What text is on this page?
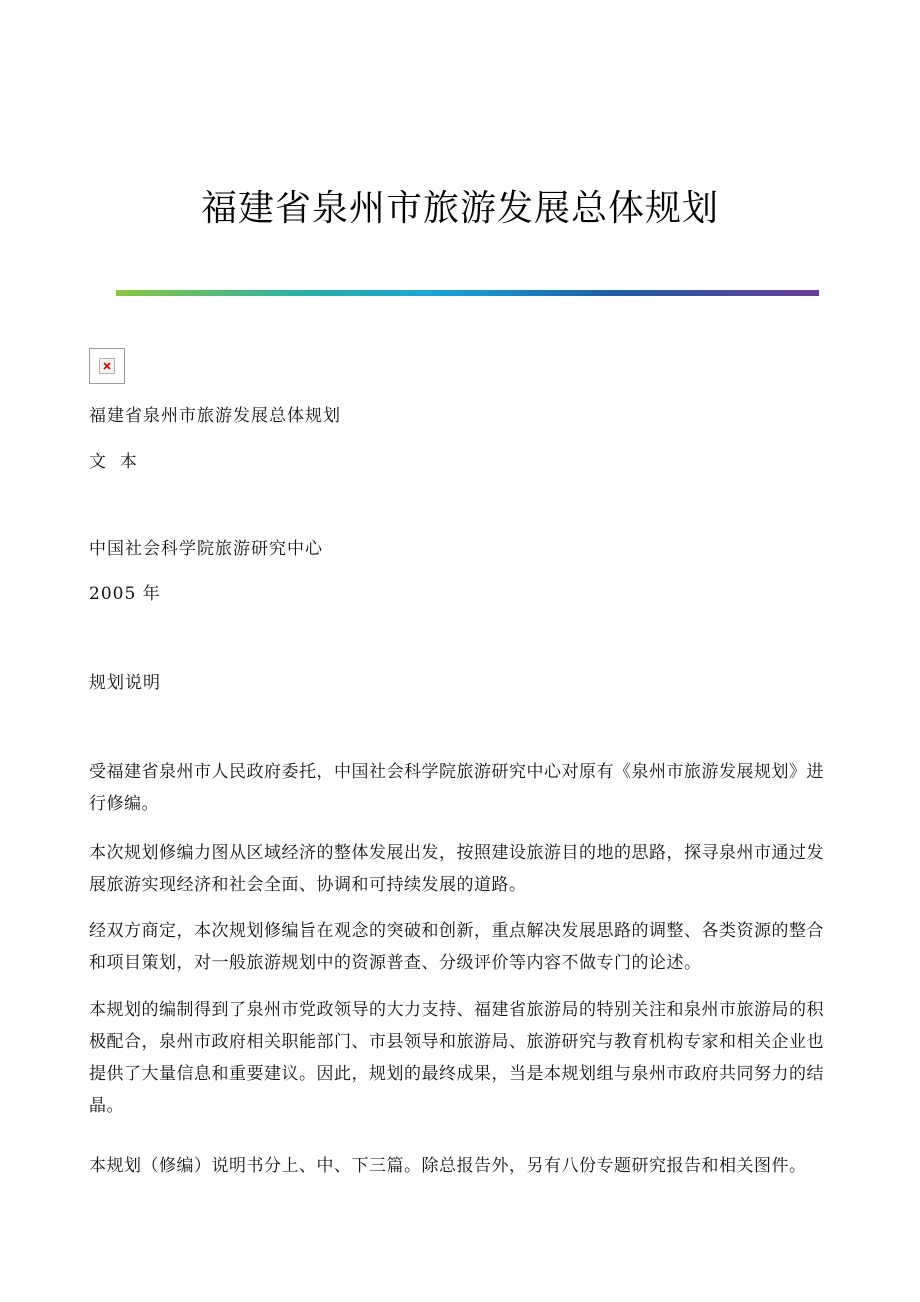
福建省泉州市旅游发展总体规划
福建省泉州市旅游发展总体规划
文  本
中国社会科学院旅游研究中心
2005 年
规划说明

受福建省泉州市人民政府委托，中国社会科学院旅游研究中心对原有《泉州市旅游发展规划》进行修编。

本次规划修编力图从区域经济的整体发展出发，按照建设旅游目的地的思路，探寻泉州市通过发展旅游实现经济和社会全面、协调和可持续发展的道路。

经双方商定，本次规划修编旨在观念的突破和创新，重点解决发展思路的调整、各类资源的整合和项目策划，对一般旅游规划中的资源普查、分级评价等内容不做专门的论述。

本规划的编制得到了泉州市党政领导的大力支持、福建省旅游局的特别关注和泉州市旅游局的积极配合，泉州市政府相关职能部门、市县领导和旅游局、旅游研究与教育机构专家和相关企业也提供了大量信息和重要建议。因此，规划的最终成果，当是本规划组与泉州市政府共同努力的结晶。

本规划（修编）说明书分上、中、下三篇。除总报告外，另有八份专题研究报告和相关图件。
